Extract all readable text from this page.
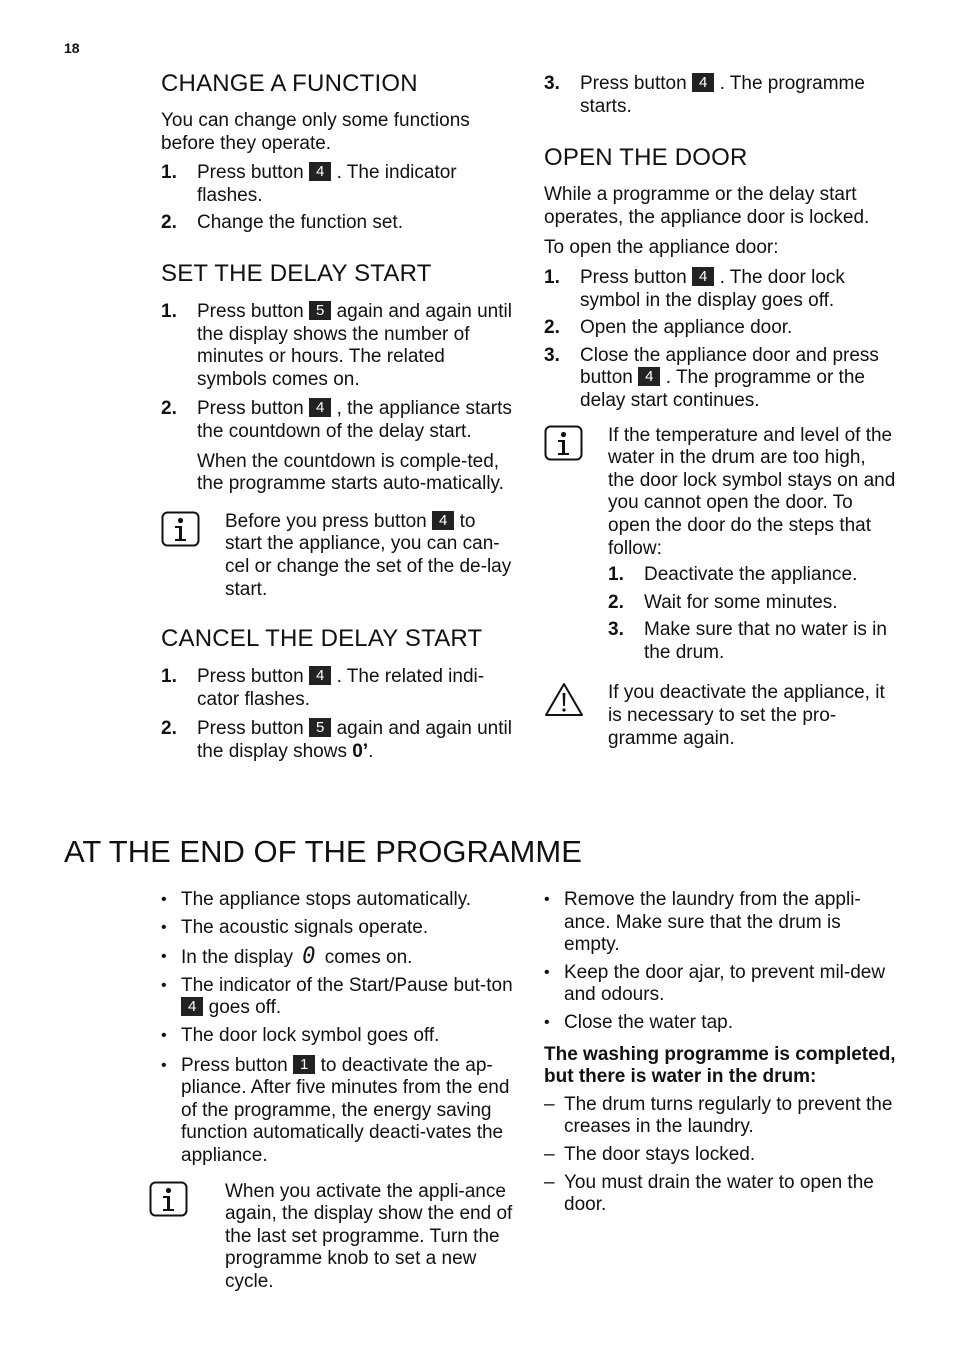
18
CHANGE A FUNCTION

You can change only some functions before they operate.

1.	Press button 4 . The indicator flashes.
2.	Change the function set.
SET THE DELAY START
1.	Press button 5 again and again until the display shows the number of minutes or hours. The related symbols comes on.
2.	Press button 4 , the appliance starts the countdown of the delay start.

When the countdown is comple-ted, the programme starts auto-matically.

Before you press button 4 to start the appliance, you can can-cel or change the set of the de-lay start.
CANCEL THE DELAY START
1.	Press button 4 . The related indi-cator flashes.
2.	Press button 5 again and again until the display shows 0’.
3.	Press button 4 . The programme starts.
OPEN THE DOOR

While a programme or the delay start operates, the appliance door is locked.

To open the appliance door:

1.	Press button 4 . The door lock symbol in the display goes off.
2.	Open the appliance door.
3.	Close the appliance door and press button 4 . The programme or the delay start continues.

If the temperature and level of the water in the drum are too high, the door lock symbol stays on and you cannot open the door. To open the door do the steps that follow:

1.	Deactivate the appliance.
2.	Wait for some minutes.
3.	Make sure that no water is in the drum.
If you deactivate the appliance, it is necessary to set the pro-gramme again.
AT THE END OF THE PROGRAMME
• The appliance stops automatically.
• The acoustic signals operate.
• In the display 0 comes on.
• The indicator of the Start/Pause but-ton 4 goes off.
• The door lock symbol goes off.
• Press button 1 to deactivate the ap-pliance. After five minutes from the end of the programme, the energy saving function automatically deacti-vates the appliance.
When you activate the appli-ance again, the display show the end of the last set programme. Turn the programme knob to set a new cycle.
• Remove the laundry from the appli-ance. Make sure that the drum is empty.
• Keep the door ajar, to prevent mil-dew and odours.
• Close the water tap.

The washing programme is completed, but there is water in the drum:

– The drum turns regularly to prevent the creases in the laundry.
– The door stays locked.
– You must drain the water to open the door.
